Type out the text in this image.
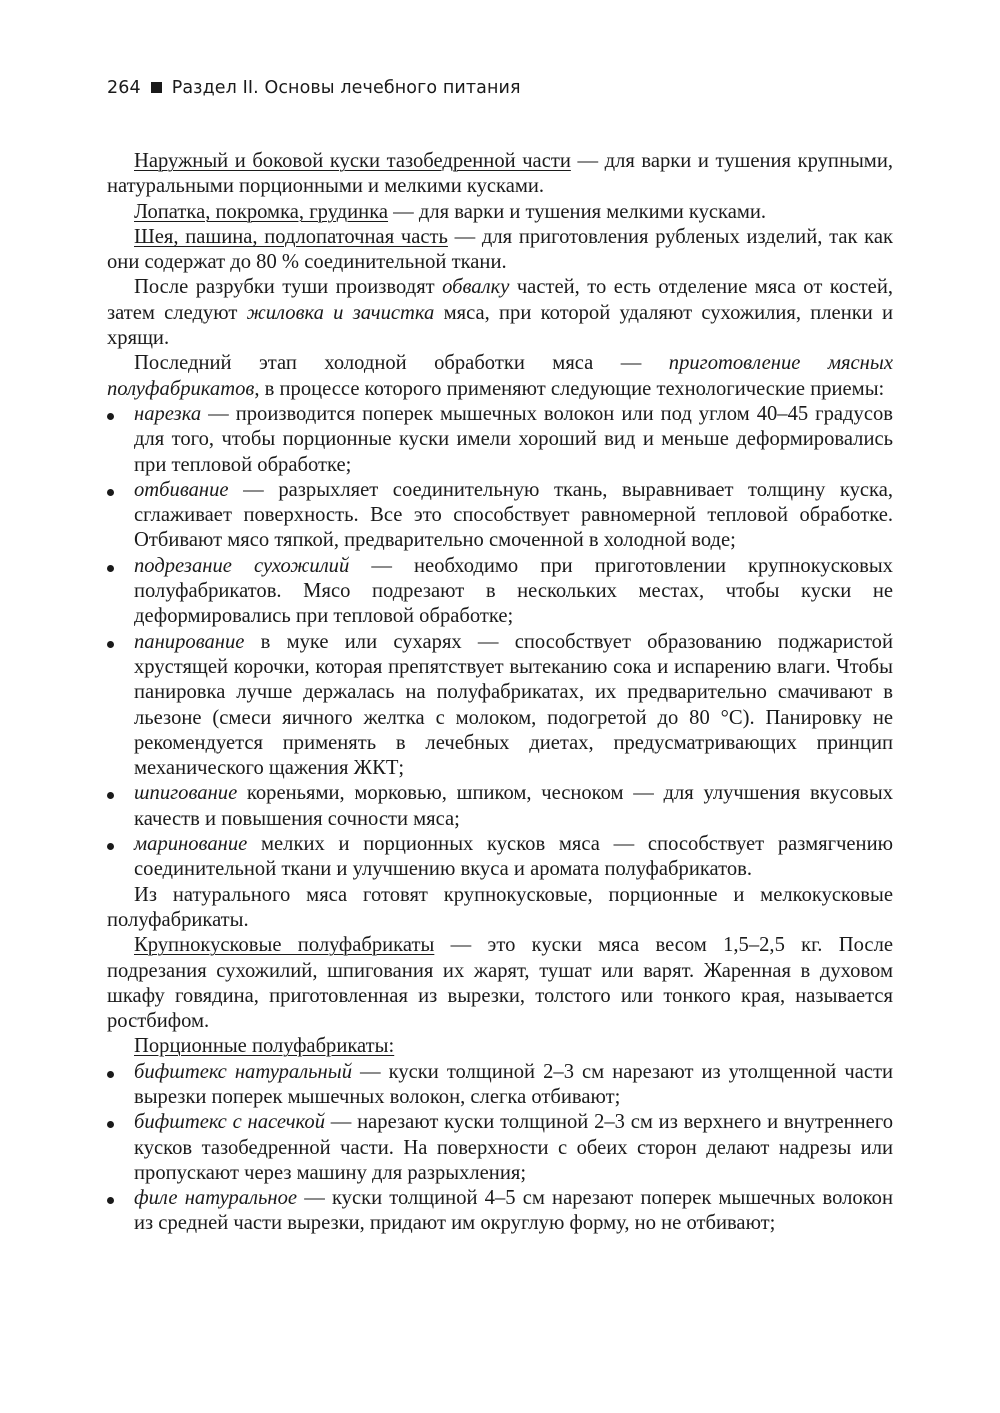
264 Раздел II. Основы лечебного питания

Наружный и боковой куски тазобедренной части — для варки и тушения крупными, натуральными порционными и мелкими кусками.

Лопатка, покромка, грудинка — для варки и тушения мелкими кусками.

Шея, пашина, подлопаточная часть — для приготовления рубленых изделий, так как они содержат до 80 % соединительной ткани.

После разрубки туши производят обвалку частей, то есть отделение мяса от костей, затем следуют жиловка и зачистка мяса, при которой удаляют сухожилия, пленки и хрящи.

Последний этап холодной обработки мяса — приготовление мясных полуфабрикатов, в процессе которого применяют следующие технологические приемы:

нарезка — производится поперек мышечных волокон или под углом 40–45 градусов для того, чтобы порционные куски имели хороший вид и меньше деформировались при тепловой обработке;
отбивание — разрыхляет соединительную ткань, выравнивает толщину куска, сглаживает поверхность. Все это способствует равномерной тепловой обработке. Отбивают мясо тяпкой, предварительно смоченной в холодной воде;
подрезание сухожилий — необходимо при приготовлении крупнокусковых полуфабрикатов. Мясо подрезают в нескольких местах, чтобы куски не деформировались при тепловой обработке;
панирование в муке или сухарях — способствует образованию поджаристой хрустящей корочки, которая препятствует вытеканию сока и испарению влаги. Чтобы панировка лучше держалась на полуфабрикатах, их предварительно смачивают в льезоне (смеси яичного желтка с молоком, подогретой до 80 °С). Панировку не рекомендуется применять в лечебных диетах, предусматривающих принцип механического щажения ЖКТ;
шпигование кореньями, морковью, шпиком, чесноком — для улучшения вкусовых качеств и повышения сочности мяса;
маринование мелких и порционных кусков мяса — способствует размягчению соединительной ткани и улучшению вкуса и аромата полуфабрикатов.

Из натурального мяса готовят крупнокусковые, порционные и мелкокусковые полуфабрикаты.

Крупнокусковые полуфабрикаты — это куски мяса весом 1,5–2,5 кг. После подрезания сухожилий, шпигования их жарят, тушат или варят. Жаренная в духовом шкафу говядина, приготовленная из вырезки, толстого или тонкого края, называется ростбифом.

Порционные полуфабрикаты:

бифштекс натуральный — куски толщиной 2–3 см нарезают из утолщенной части вырезки поперек мышечных волокон, слегка отбивают;
бифштекс с насечкой — нарезают куски толщиной 2–3 см из верхнего и внутреннего кусков тазобедренной части. На поверхности с обеих сторон делают надрезы или пропускают через машину для разрыхления;
филе натуральное — куски толщиной 4–5 см нарезают поперек мышечных волокон из средней части вырезки, придают им округлую форму, но не отбивают;
